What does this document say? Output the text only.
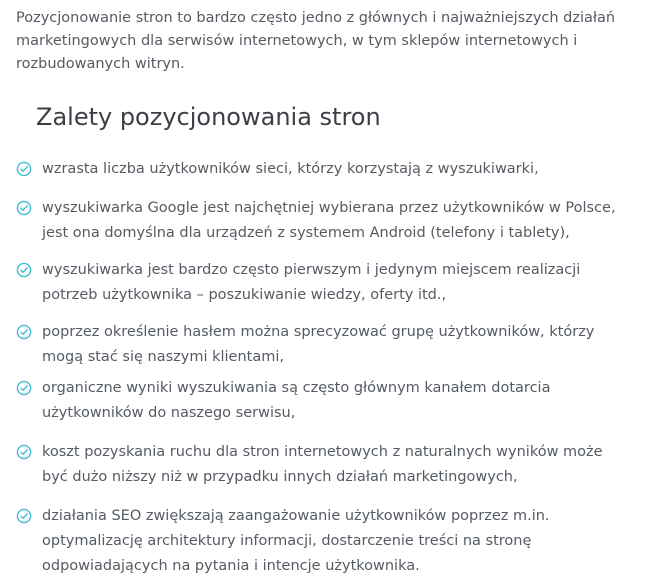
Pozycjonowanie stron to bardzo często jedno z głównych i najważniejszych działań marketingowych dla serwisów internetowych, w tym sklepów internetowych i rozbudowanych witryn.

Zalety pozycjonowania stron
wzrasta liczba użytkowników sieci, którzy korzystają z wyszukiwarki,
wyszukiwarka Google jest najchętniej wybierana przez użytkowników w Polsce, jest ona domyślna dla urządzeń z systemem Android (telefony i tablety),
wyszukiwarka jest bardzo często pierwszym i jedynym miejscem realizacji potrzeb użytkownika – poszukiwanie wiedzy, oferty itd.,
poprzez określenie hasłem można sprecyzować grupę użytkowników, którzy mogą stać się naszymi klientami,
organiczne wyniki wyszukiwania są często głównym kanałem dotarcia użytkowników do naszego serwisu,
koszt pozyskania ruchu dla stron internetowych z naturalnych wyników może być dużo niższy niż w przypadku innych działań marketingowych,
działania SEO zwiększają zaangażowanie użytkowników poprzez m.in. optymalizację architektury informacji, dostarczenie treści na stronę odpowiadających na pytania i intencje użytkownika.
